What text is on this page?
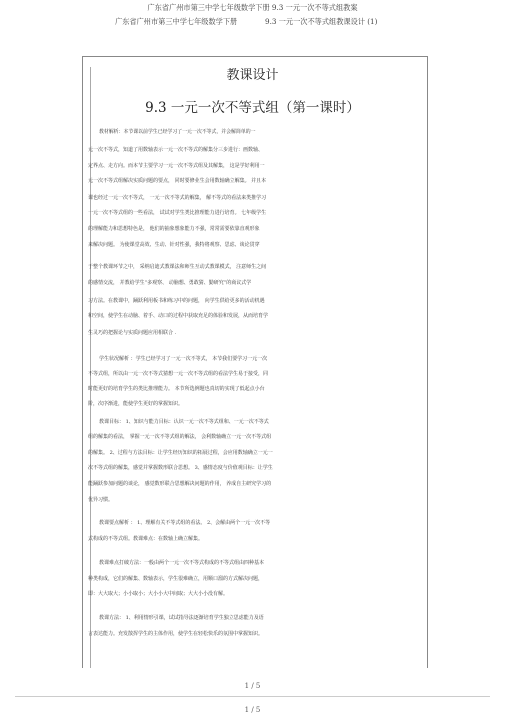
广东省广州市第三中学七年级数学下册 9.3 一元一次不等式组教案
广东省广州市第三中学七年级数学下册	9.3 一元一次不等式组教课设计 (1)
教课设计
9.3 一元一次不等式组（第一课时）
教材解析：本节课以前学生已经学习了一元一次不等式，并会解简单的一
元一次不等式，知道了用数轴表示一元一次不等式的解集分三步进行：画数轴、
定界点、走方向。而本节主要学习一元一次不等式组及其解集， 这是学好利用一
元一次不等式组解决实质问题的要点， 同时要修业生会用数轴确立解集。 并且本
课也经过一元一次不等式， 一元一次不等式的解集， 解不等式的看法来类推学习
一元一次不等式组的一些看法， 试试对学生类比推理能力进行培育。 七年级学生
的理解能力和思想特色是， 他们的抽象想象能力不强，常常需要依靠直观形象
来解决问题。 为使课堂高效、生动、针对性强，我特将观察、思虑、谈论贯穿
于整个教课环节之中， 采纳启迪式教课法和师生互动式教课模式， 注意师生之间
的感情交流， 并教给学生“多观察、 动脑想、勇敢猜、勤研究”的商议式学
习方法。在教课中，踊跃利用板书和练习中的问题， 向学生供给更多的活动机遇
和空间，使学生在动脑、着手、动口的过程中获取充足的体验和发展，从而培育学
生灵巧的把握论与实质问题应用相联合 .
学生状况解析 ：学生已经学习了一元一次不等式， 本节我们要学习一元一次
不等式组，所以由一元一次不等式猜想一元一次不等式组的看法学生易于接受，同
时能更好的培育学生的类比推理能力。 本节所选例题也真切的实现了低起点小台
阶，次序渐进，能使学生更好的掌握知识。
教课目标： 1、知识与能力目标：认识一元一次不等式组和、一元一次不等式
组的解集的看法， 掌握一元一次不等式组的解法， 会利数轴确立一元一次不等式组
的解集。 2、过程与方法目标：让学生经历知识的拓展过程，会应用数轴确立一元一
次不等式组的解集，感觉并掌握数形联合思想。 3、感情态度与价值观目标：让学生
能踊跃参加问题的谈论， 感觉数形联合思想解决问题的作用， 养成自主研究学习的
优异习惯。
教课要点解析 ： 1、理解有关不等式组的看法。 2、会解由两个一元一次不等
式构成的不等式组。教课难点：在数轴上确立解集。
教课难点打破方法：一般由两个一元一次不等式构成的不等式组由四种基本
种类构成，它们的解集、数轴表示，学生很难确立，用顺口溜的方式解决问题，
即：大大取大；小小取小；大小小大中间取；大大小小没有解。
教课方法： 1、利用情形引课，试试指导法逐渐培育学生独立思虑能力及语
言表达能力。充发散挥学生的主体作用，使学生在轻松快乐的氛围中掌握知识。
1 / 5
1 / 5
